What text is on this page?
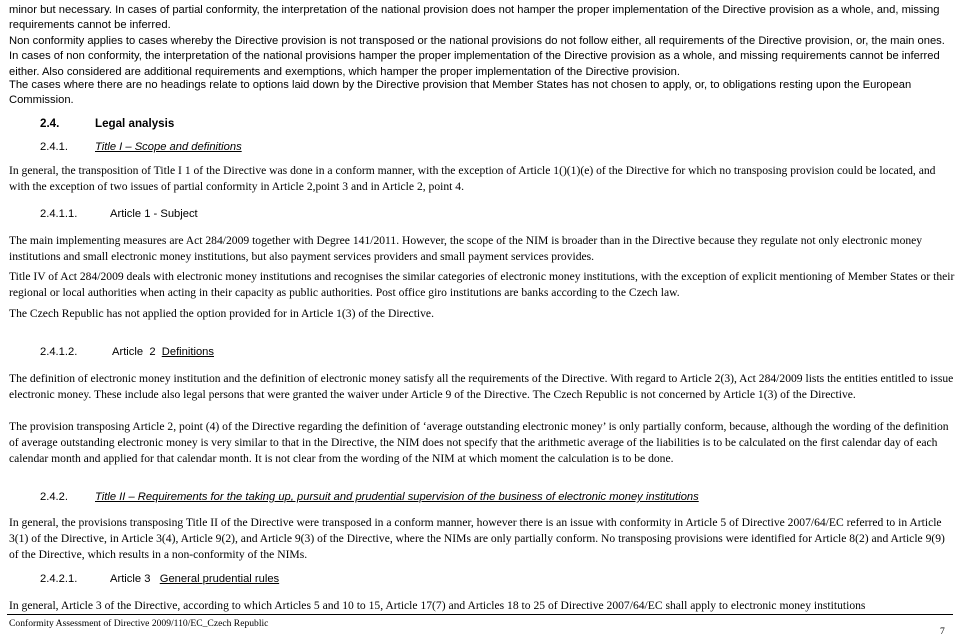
minor but necessary. In cases of partial conformity, the interpretation of the national provision does not hamper the proper implementation of the Directive provision as a whole, and, missing requirements cannot be inferred.

Non conformity applies to cases whereby the Directive provision is not transposed or the national provisions do not follow either, all requirements of the Directive provision, or, the main ones. In cases of non conformity, the interpretation of the national provisions hamper the proper implementation of the Directive provision as a whole, and missing requirements cannot be inferred either. Also considered are additional requirements and exemptions, which hamper the proper implementation of the Directive provision.

The cases where there are no headings relate to options laid down by the Directive provision that Member States has not chosen to apply, or, to obligations resting upon the European Commission.

2.4.	Legal analysis
2.4.1. Title I – Scope and definitions

In general, the transposition of Title I 1 of the Directive was done in a conform manner, with the exception of Article 1()(1)(e) of the Directive for which no transposing provision could be located, and with the exception of two issues of partial conformity in Article 2,point 3 and in Article 2, point 4.

2.4.1.1.	Article 1 - Subject

The main implementing measures are Act 284/2009 together with Degree 141/2011. However, the scope of the NIM is broader than in the Directive because they regulate not only electronic money institutions and small electronic money institutions, but also payment services providers and small payment services provides.

Title IV of Act 284/2009 deals with electronic money institutions and recognises the similar categories of electronic money institutions, with the exception of explicit mentioning of Member States or their regional or local authorities when acting in their capacity as public authorities. Post office giro institutions are banks according to the Czech law.

The Czech Republic has not applied the option provided for in Article 1(3) of the Directive.

2.4.1.2.	Article 2 Definitions

The definition of electronic money institution and the definition of electronic money satisfy all the requirements of the Directive. With regard to Article 2(3), Act 284/2009 lists the entities entitled to issue electronic money. These include also legal persons that were granted the waiver under Article 9 of the Directive. The Czech Republic is not concerned by Article 1(3) of the Directive.

The provision transposing Article 2, point (4) of the Directive regarding the definition of ‘average outstanding electronic money’ is only partially conform, because, although the wording of the definition of average outstanding electronic money is very similar to that in the Directive, the NIM does not specify that the arithmetic average of the liabilities is to be calculated on the first calendar day of each calendar month and applied for that calendar month. It is not clear from the wording of the NIM at which moment the calculation is to be done.

2.4.2. Title II – Requirements for the taking up, pursuit and prudential supervision of the business of electronic money institutions

In general, the provisions transposing Title II of the Directive were transposed in a conform manner, however there is an issue with conformity in Article 5 of Directive 2007/64/EC referred to in Article 3(1) of the Directive, in Article 3(4), Article 9(2), and Article 9(3) of the Directive, where the NIMs are only partially conform. No transposing provisions were identified for Article 8(2) and Article 9(9) of the Directive, which results in a non-conformity of the NIMs.

2.4.2.1.	Article 3 General prudential rules

In general, Article 3 of the Directive, according to which Articles 5 and 10 to 15, Article 17(7) and Articles 18 to 25 of Directive 2007/64/EC shall apply to electronic money institutions

Conformity Assessment of Directive 2009/110/EC_Czech Republic

7
